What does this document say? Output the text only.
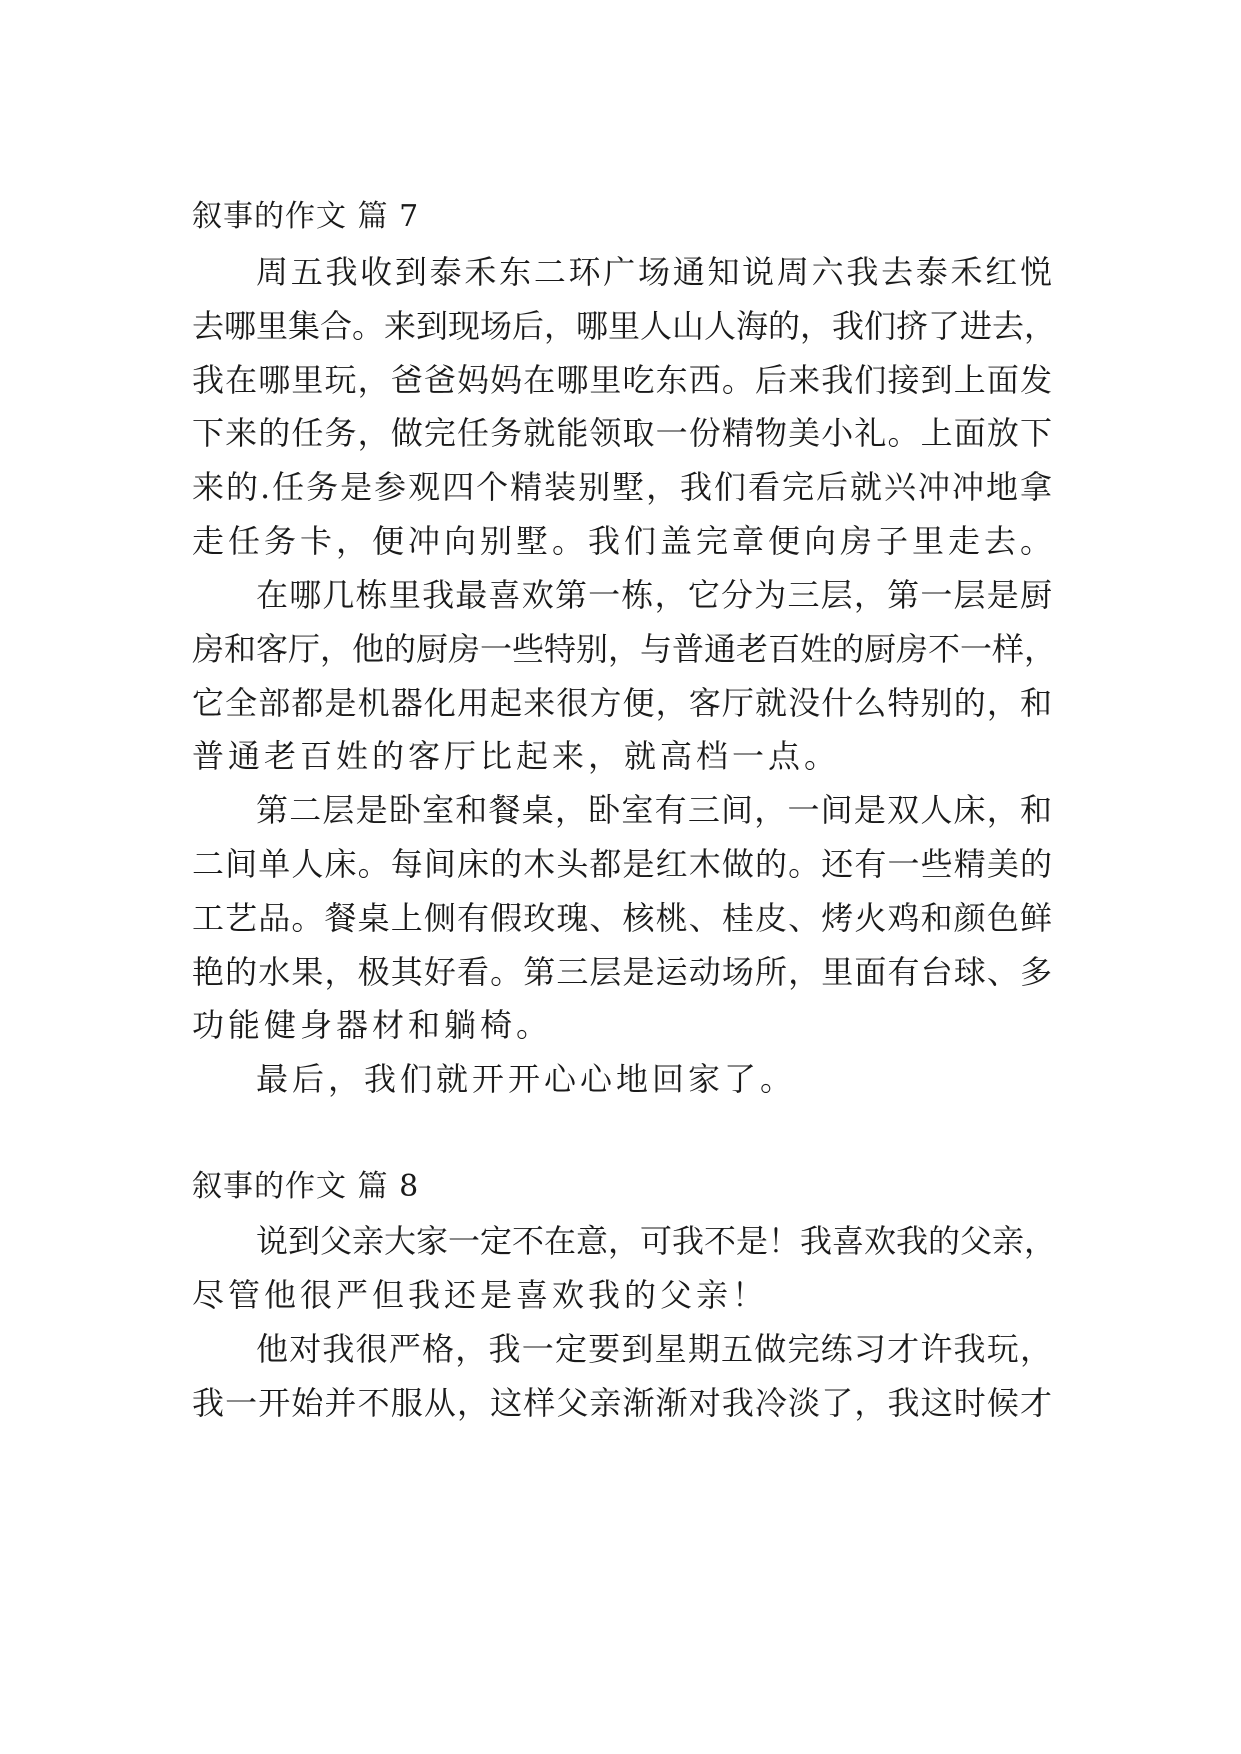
叙事的作文 篇 7
周五我收到泰禾东二环广场通知说周六我去泰禾红悦
去哪里集合。来到现场后，哪里人山人海的，我们挤了进去，
我在哪里玩，爸爸妈妈在哪里吃东西。后来我们接到上面发
下来的任务，做完任务就能领取一份精物美小礼。上面放下
来的.任务是参观四个精装别墅，我们看完后就兴冲冲地拿
走任务卡，便冲向别墅。我们盖完章便向房子里走去。
在哪几栋里我最喜欢第一栋，它分为三层，第一层是厨
房和客厅，他的厨房一些特别，与普通老百姓的厨房不一样，
它全部都是机器化用起来很方便，客厅就没什么特别的，和
普通老百姓的客厅比起来，就高档一点。
第二层是卧室和餐桌，卧室有三间，一间是双人床，和
二间单人床。每间床的木头都是红木做的。还有一些精美的
工艺品。餐桌上侧有假玫瑰、核桃、桂皮、烤火鸡和颜色鲜
艳的水果，极其好看。第三层是运动场所，里面有台球、多
功能健身器材和躺椅。
最后，我们就开开心心地回家了。
叙事的作文 篇 8
说到父亲大家一定不在意，可我不是！我喜欢我的父亲，
尽管他很严但我还是喜欢我的父亲！
他对我很严格，我一定要到星期五做完练习才许我玩，
我一开始并不服从，这样父亲渐渐对我冷淡了，我这时候才
